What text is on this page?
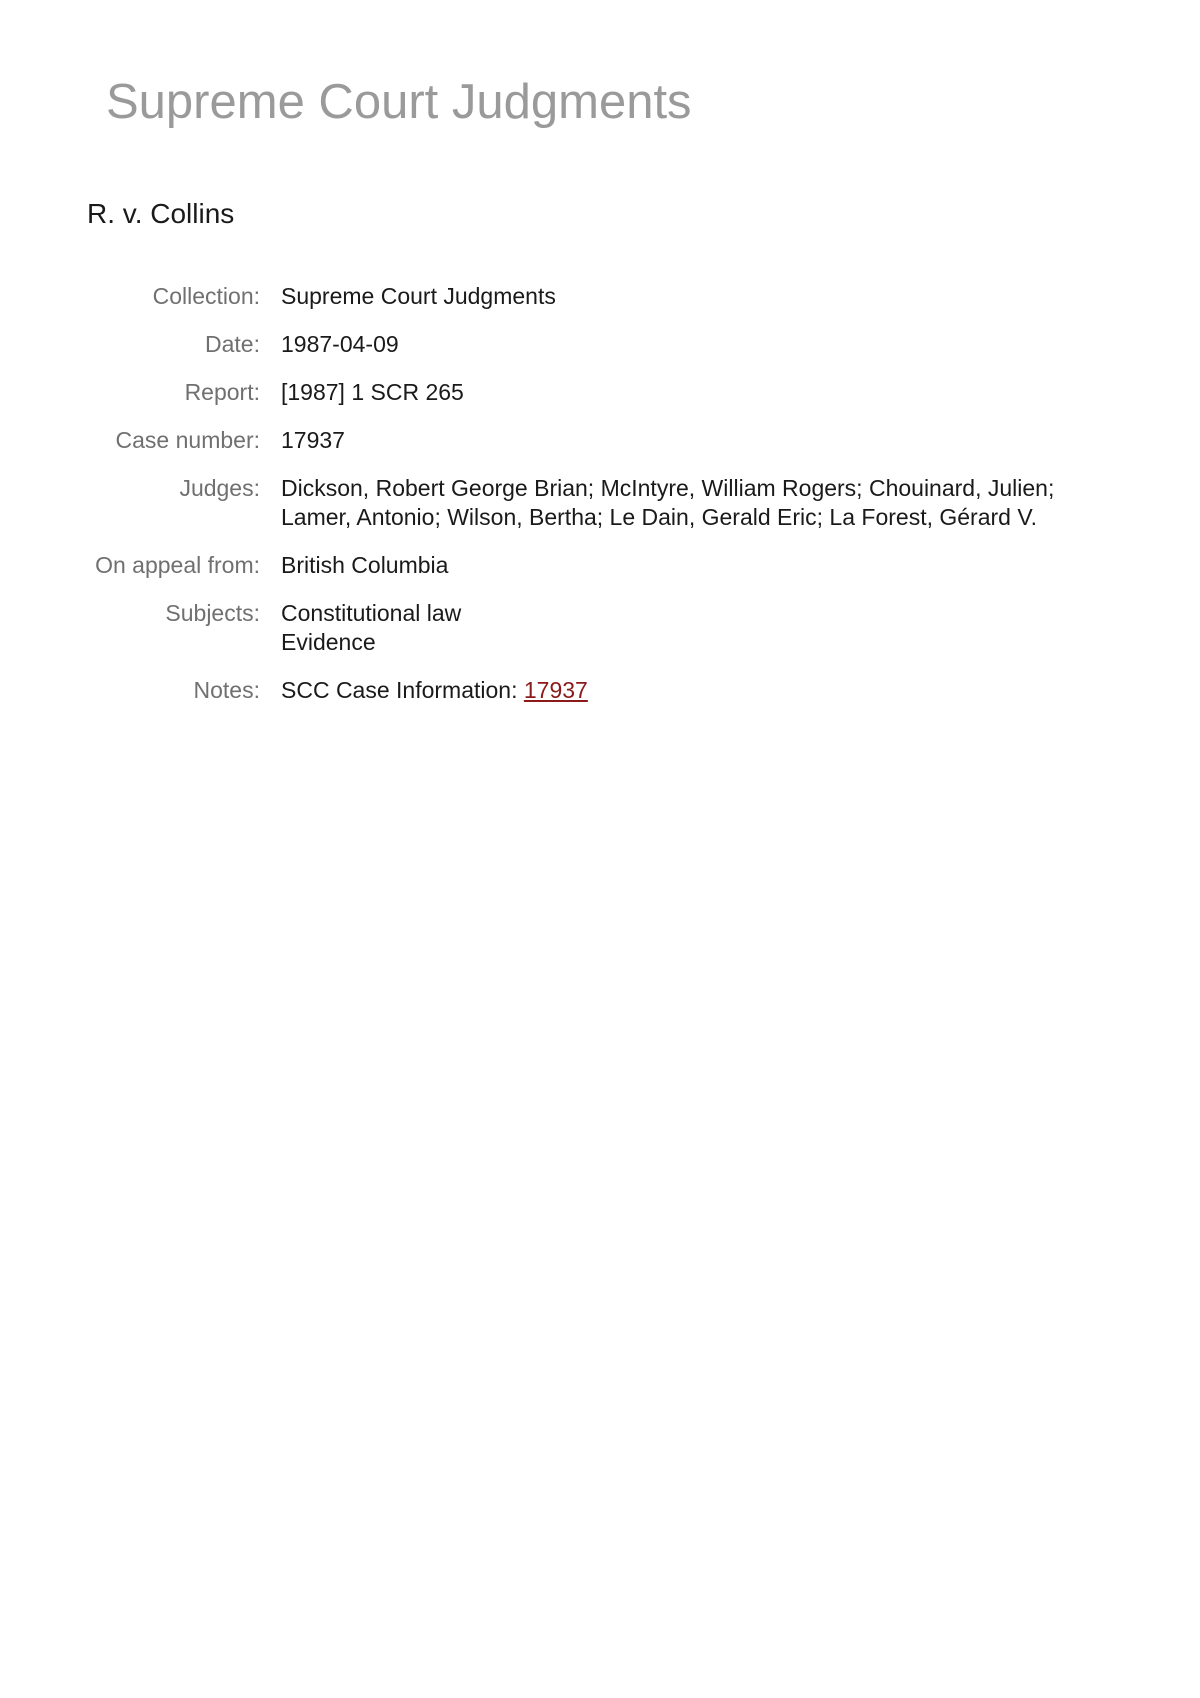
Supreme Court Judgments
R. v. Collins
Collection: Supreme Court Judgments
Date: 1987-04-09
Report: [1987] 1 SCR 265
Case number: 17937
Judges: Dickson, Robert George Brian; McIntyre, William Rogers; Chouinard, Julien; Lamer, Antonio; Wilson, Bertha; Le Dain, Gerald Eric; La Forest, Gérard V.
On appeal from: British Columbia
Subjects: Constitutional law
Evidence
Notes: SCC Case Information: 17937
